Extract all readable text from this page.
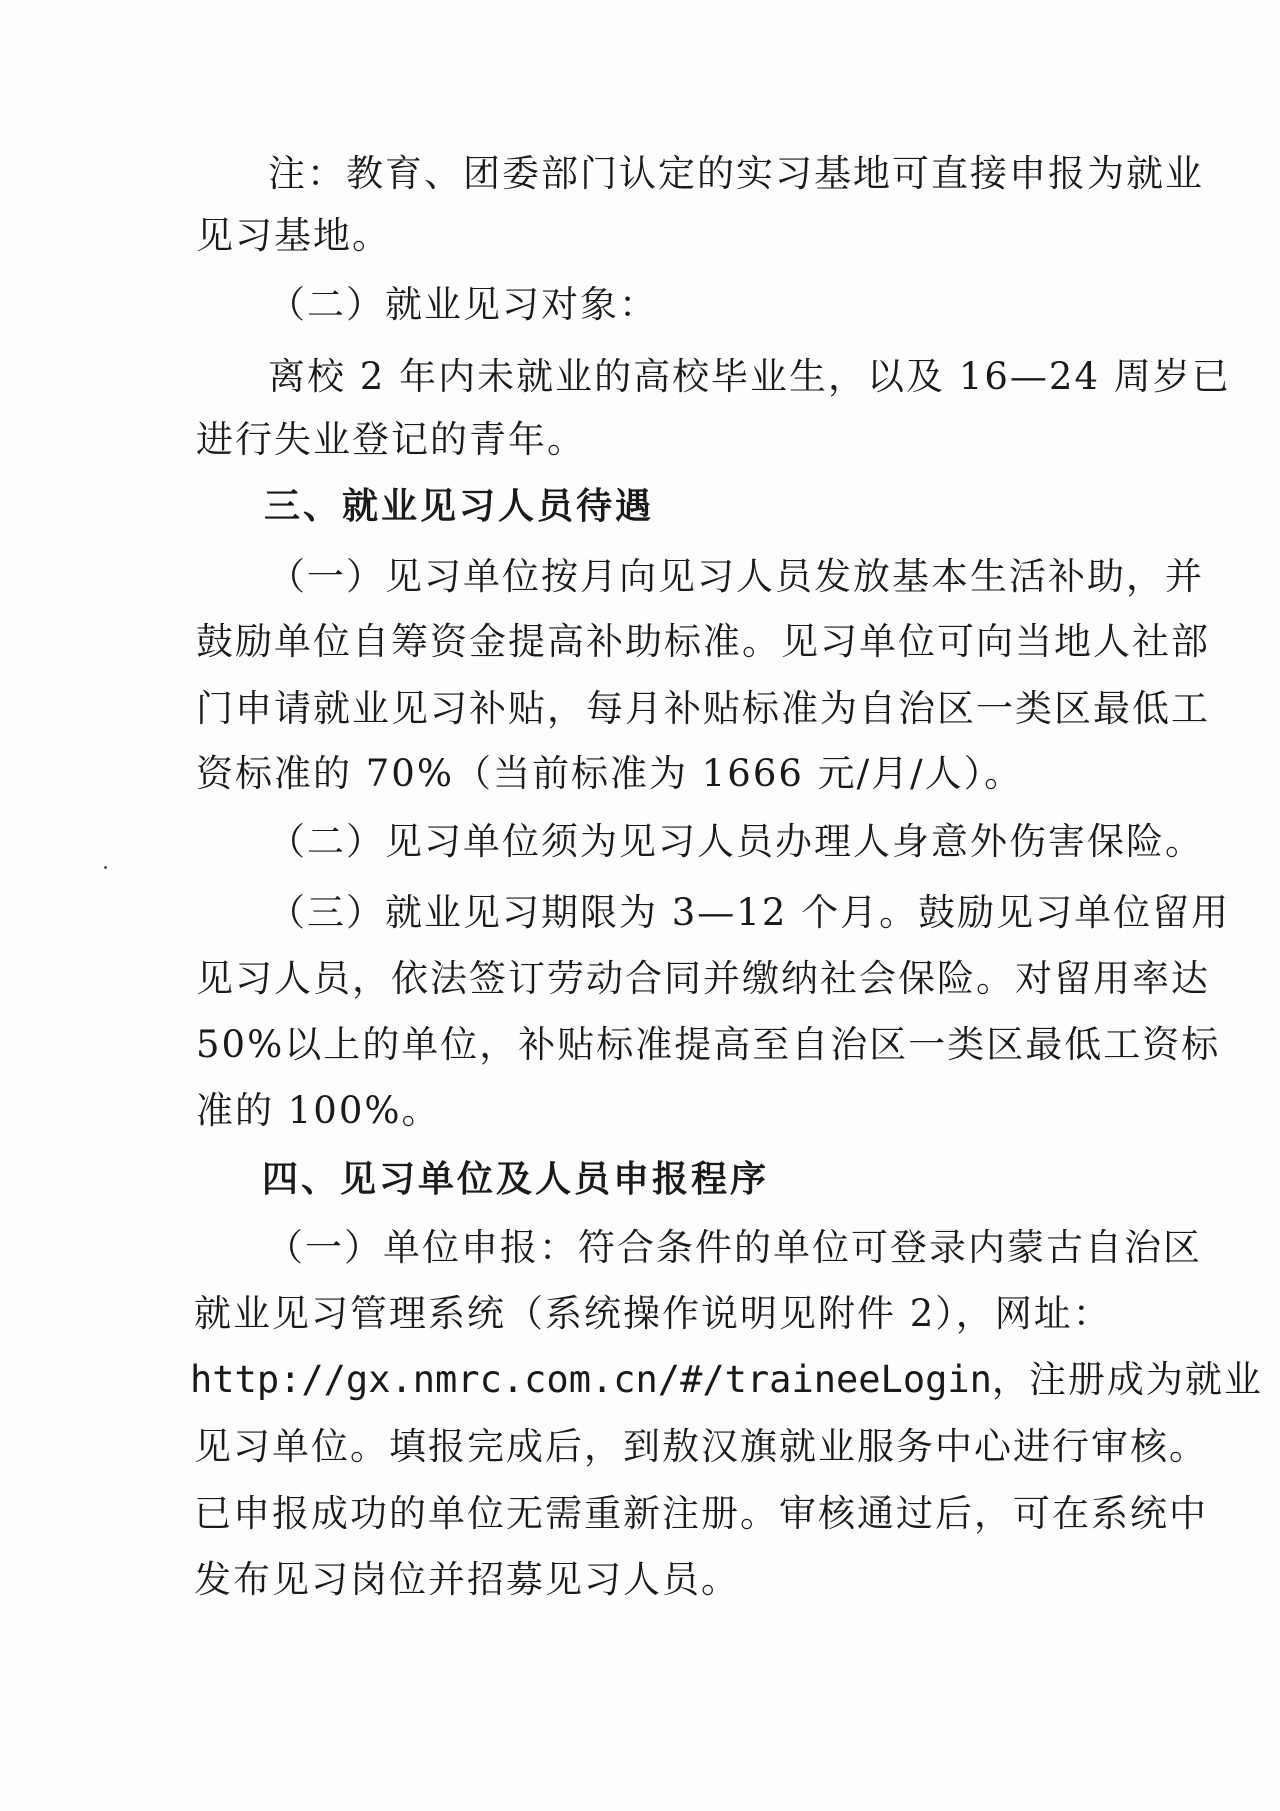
注：教育、团委部门认定的实习基地可直接申报为就业
见习基地。
（二）就业见习对象：
离校 2 年内未就业的高校毕业生，以及 16—24 周岁已
进行失业登记的青年。
三、就业见习人员待遇
（一）见习单位按月向见习人员发放基本生活补助，并
鼓励单位自筹资金提高补助标准。见习单位可向当地人社部
门申请就业见习补贴，每月补贴标准为自治区一类区最低工
资标准的 70%（当前标准为 1666 元/月/人）。
（二）见习单位须为见习人员办理人身意外伤害保险。
（三）就业见习期限为 3—12 个月。鼓励见习单位留用
见习人员，依法签订劳动合同并缴纳社会保险。对留用率达
50%以上的单位，补贴标准提高至自治区一类区最低工资标
准的 100%。
四、见习单位及人员申报程序
（一）单位申报：符合条件的单位可登录内蒙古自治区
就业见习管理系统（系统操作说明见附件 2），网址：
http://gx.nmrc.com.cn/#/traineeLogin，注册成为就业
见习单位。填报完成后，到敖汉旗就业服务中心进行审核。
已申报成功的单位无需重新注册。审核通过后，可在系统中
发布见习岗位并招募见习人员。
